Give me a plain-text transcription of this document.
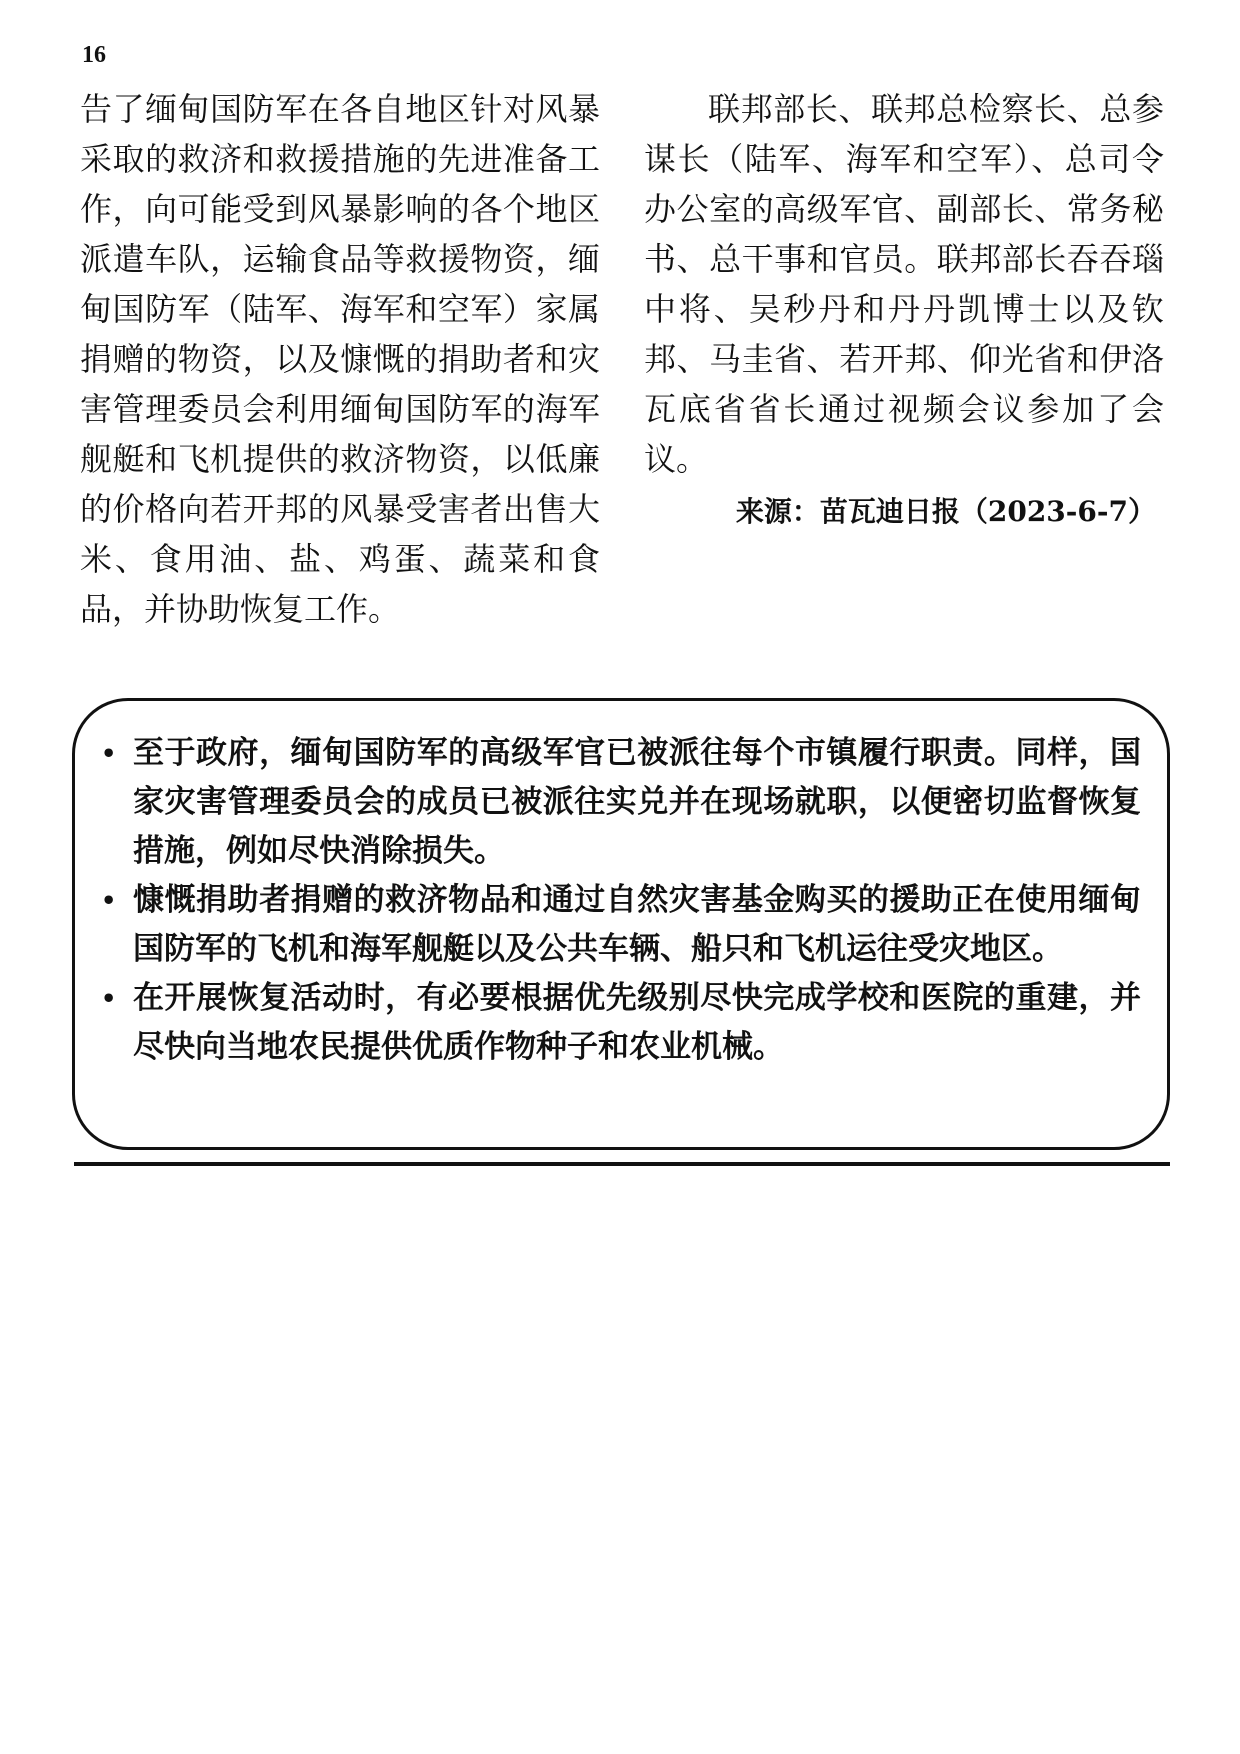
16

告了缅甸国防军在各自地区针对风暴采取的救济和救援措施的先进准备工作，向可能受到风暴影响的各个地区派遣车队，运输食品等救援物资，缅甸国防军（陆军、海军和空军）家属捐赠的物资，以及慷慨的捐助者和灾害管理委员会利用缅甸国防军的海军舰艇和飞机提供的救济物资，以低廉的价格向若开邦的风暴受害者出售大米、食用油、盐、鸡蛋、蔬菜和食品，并协助恢复工作。

联邦部长、联邦总检察长、总参谋长（陆军、海军和空军）、总司令办公室的高级军官、副部长、常务秘书、总干事和官员。联邦部长吞吞瑙中将、吴秒丹和丹丹凯博士以及钦邦、马圭省、若开邦、仰光省和伊洛瓦底省省长通过视频会议参加了会议。

来源：苗瓦迪日报（2023-6-7）

• 至于政府，缅甸国防军的高级军官已被派往每个市镇履行职责。同样，国家灾害管理委员会的成员已被派往实兑并在现场就职，以便密切监督恢复措施，例如尽快消除损失。
• 慷慨捐助者捐赠的救济物品和通过自然灾害基金购买的援助正在使用缅甸国防军的飞机和海军舰艇以及公共车辆、船只和飞机运往受灾地区。
• 在开展恢复活动时，有必要根据优先级别尽快完成学校和医院的重建，并尽快向当地农民提供优质作物种子和农业机械。
